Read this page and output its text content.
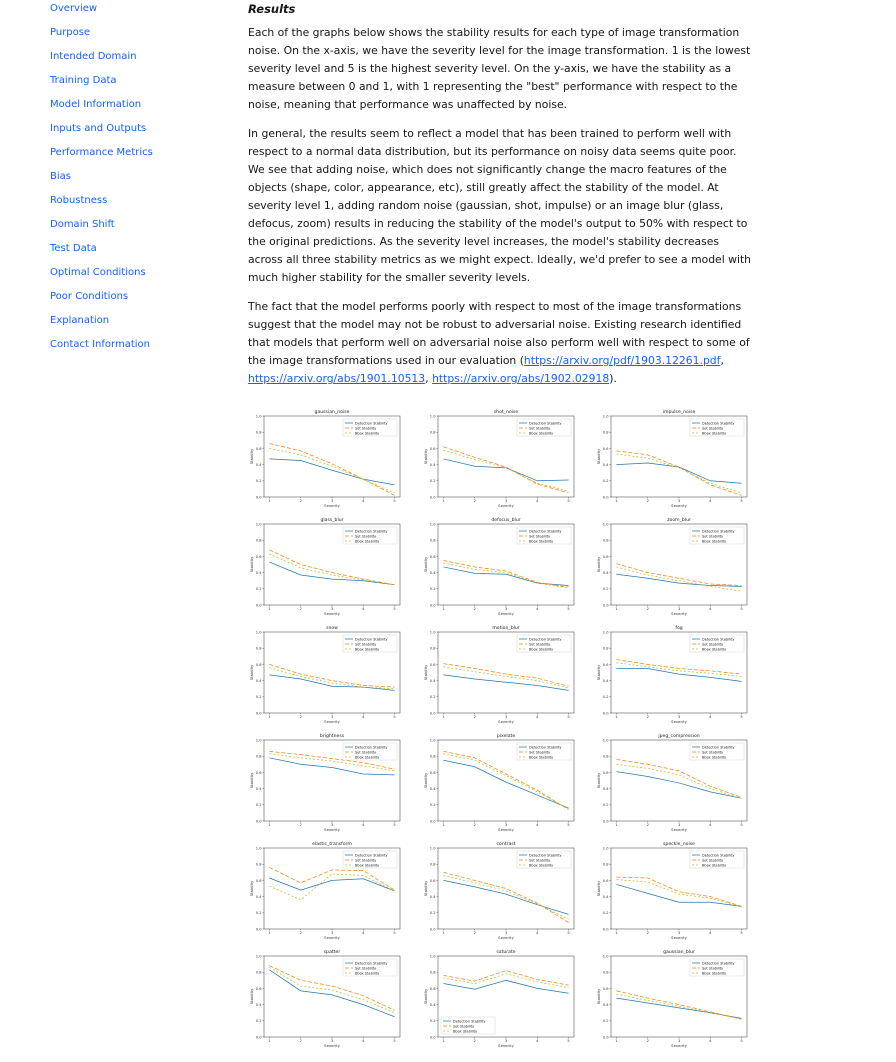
Overview
Purpose
Intended Domain
Training Data
Model Information
Inputs and Outputs
Performance Metrics
Bias
Robustness
Domain Shift
Test Data
Optimal Conditions
Poor Conditions
Explanation
Contact Information
Results

Each of the graphs below shows the stability results for each type of image transformation noise. On the x-axis, we have the severity level for the image transformation. 1 is the lowest severity level and 5 is the highest severity level. On the y-axis, we have the stability as a measure between 0 and 1, with 1 representing the "best" performance with respect to the noise, meaning that performance was unaffected by noise.

In general, the results seem to reflect a model that has been trained to perform well with respect to a normal data distribution, but its performance on noisy data seems quite poor. We see that adding noise, which does not significantly change the macro features of the objects (shape, color, appearance, etc), still greatly affect the stability of the model. At severity level 1, adding random noise (gaussian, shot, impulse) or an image blur (glass, defocus, zoom) results in reducing the stability of the model's output to 50% with respect to the original predictions. As the severity level increases, the model's stability decreases across all three stability metrics as we might expect. Ideally, we'd prefer to see a model with much higher stability for the smaller severity levels.

The fact that the model performs poorly with respect to most of the image transformations suggest that the model may not be robust to adversarial noise. Existing research identified that models that perform well on adversarial noise also perform well with respect to some of the image transformations used in our evaluation (https://arxiv.org/pdf/1903.12261.pdf, https://arxiv.org/abs/1901.10513, https://arxiv.org/abs/1902.02918).

gaussian_noise
0.0
0.2
0.4
0.6
0.8
1.0
1	2	3	4	5
Severity
Stability
Detection Stability
Set Stability
Bbox Stability
shot_noise
0.0
0.2
0.4
0.6
0.8
1.0
1	2	3	4	5
Severity
Stability
Detection Stability
Set Stability
Bbox Stability
impulse_noise
0.0
0.2
0.4
0.6
0.8
1.0
1	2	3	4	5
Severity
Stability
Detection Stability
Set Stability
Bbox Stability
glass_blur
0.0
0.2
0.4
0.6
0.8
1.0
1	2	3	4	5
Severity
Stability
Detection Stability
Set Stability
Bbox Stability
defocus_blur
0.0
0.2
0.4
0.6
0.8
1.0
1	2	3	4	5
Severity
Stability
Detection Stability
Set Stability
Bbox Stability
zoom_blur
0.0
0.2
0.4
0.6
0.8
1.0
1	2	3	4	5
Severity
Stability
Detection Stability
Set Stability
Bbox Stability
snow
0.0
0.2
0.4
0.6
0.8
1.0
1	2	3	4	5
Severity
Stability
Detection Stability
Set Stability
Bbox Stability
motion_blur
0.0
0.2
0.4
0.6
0.8
1.0
1	2	3	4	5
Severity
Stability
Detection Stability
Set Stability
Bbox Stability
fog
0.0
0.2
0.4
0.6
0.8
1.0
1	2	3	4	5
Severity
Stability
Detection Stability
Set Stability
Bbox Stability
brightness
0.0
0.2
0.4
0.6
0.8
1.0
1	2	3	4	5
Severity
Stability
Detection Stability
Set Stability
Bbox Stability
pixelate
0.0
0.2
0.4
0.6
0.8
1.0
1	2	3	4	5
Severity
Stability
Detection Stability
Set Stability
Bbox Stability
jpeg_compression
0.0
0.2
0.4
0.6
0.8
1.0
1	2	3	4	5
Severity
Stability
Detection Stability
Set Stability
Bbox Stability
elastic_transform
0.0
0.2
0.4
0.6
0.8
1.0
1	2	3	4	5
Severity
Stability
Detection Stability
Set Stability
Bbox Stability
contrast
0.0
0.2
0.4
0.6
0.8
1.0
1	2	3	4	5
Severity
Stability
Detection Stability
Set Stability
Bbox Stability
speckle_noise
0.0
0.2
0.4
0.6
0.8
1.0
1	2	3	4	5
Severity
Stability
Detection Stability
Set Stability
Bbox Stability
spatter
0.0
0.2
0.4
0.6
0.8
1.0
1	2	3	4	5
Severity
Stability
Detection Stability
Set Stability
Bbox Stability
saturate
0.0
0.2
0.4
0.6
0.8
1.0
1	2	3	4	5
Severity
Stability
Detection Stability
Set Stability
Bbox Stability
gaussian_blur
0.0
0.2
0.4
0.6
0.8
1.0
1	2	3	4	5
Severity
Stability
Detection Stability
Set Stability
Bbox Stability
